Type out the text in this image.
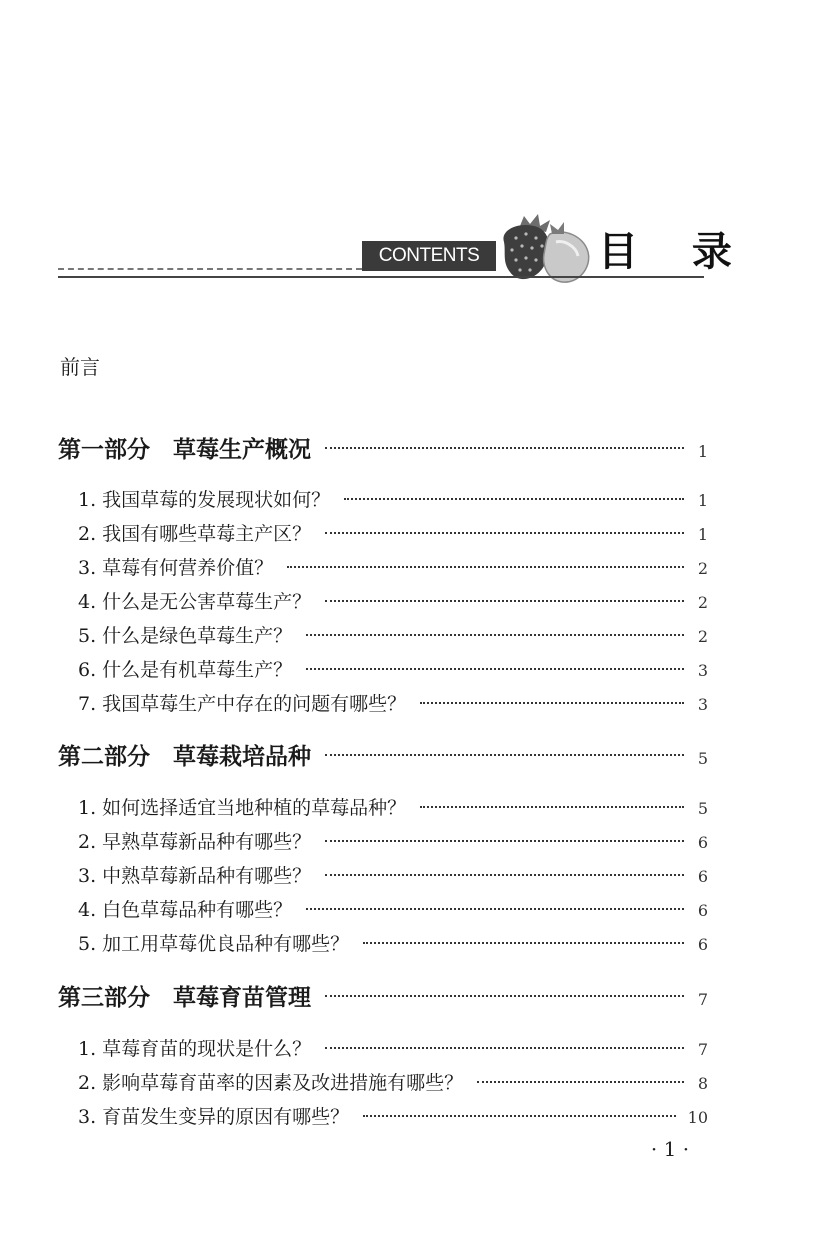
CONTENTS	目 录
前言
第一部分　草莓生产概况	1
1. 我国草莓的发展现状如何？	1
2. 我国有哪些草莓主产区？	1
3. 草莓有何营养价值？	2
4. 什么是无公害草莓生产？	2
5. 什么是绿色草莓生产？	2
6. 什么是有机草莓生产？	3
7. 我国草莓生产中存在的问题有哪些？	3
第二部分　草莓栽培品种	5
1. 如何选择适宜当地种植的草莓品种？	5
2. 早熟草莓新品种有哪些？	6
3. 中熟草莓新品种有哪些？	6
4. 白色草莓品种有哪些？	6
5. 加工用草莓优良品种有哪些？	6
第三部分　草莓育苗管理	7
1. 草莓育苗的现状是什么？	7
2. 影响草莓育苗率的因素及改进措施有哪些？	8
3. 育苗发生变异的原因有哪些？	10
· 1 ·
